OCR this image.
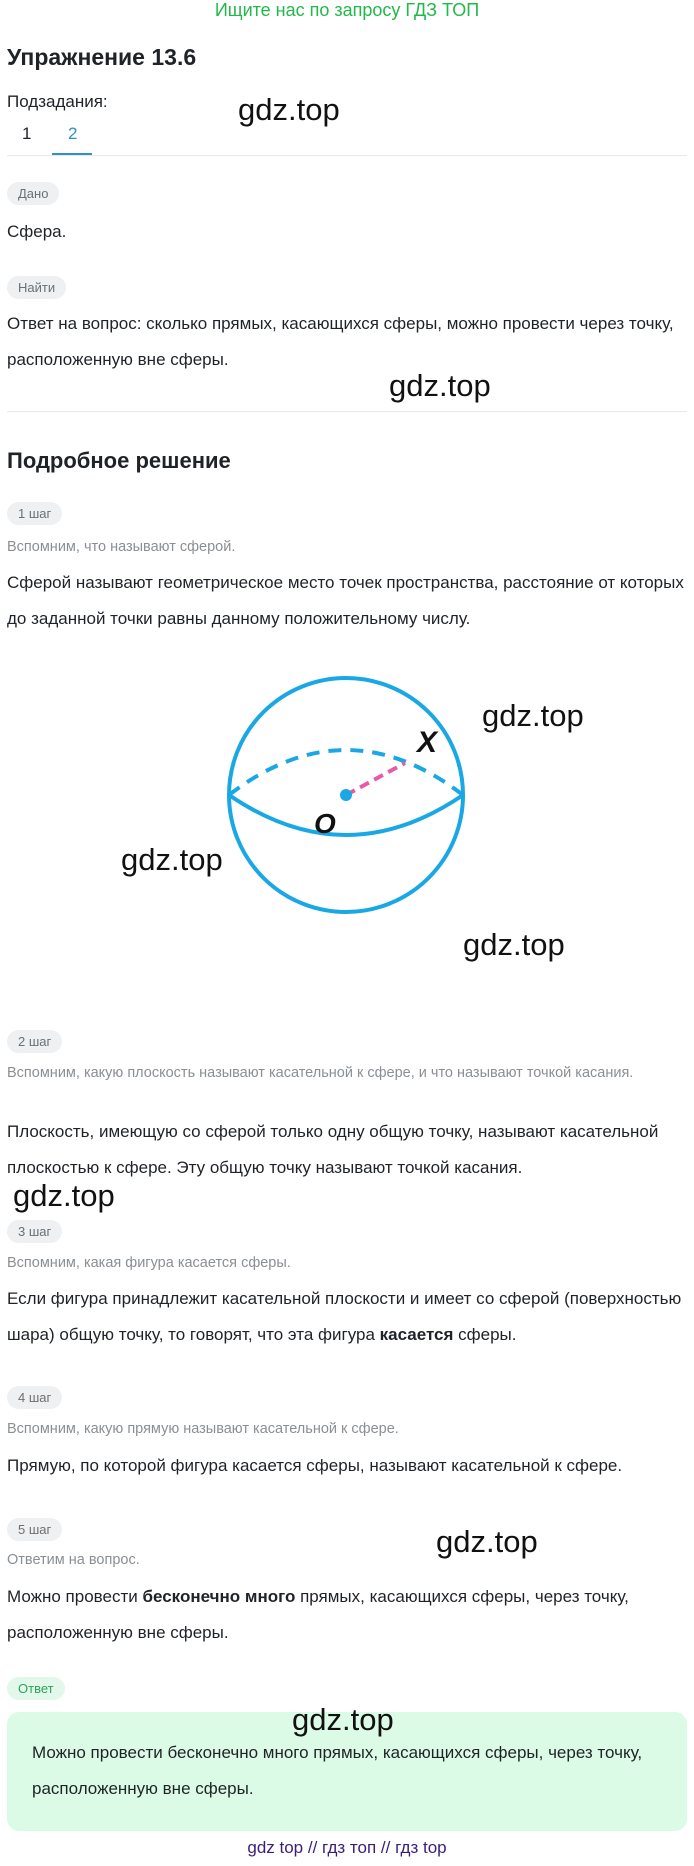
Ищите нас по запросу ГДЗ ТОП
Упражнение 13.6
Подзадания:
1 2
gdz.top
Дано
Сфера.
Найти
Ответ на вопрос: сколько прямых, касающихся сферы, можно провести через точку, расположенную вне сферы.
gdz.top
Подробное решение
1 шаг
Вспомним, что называют сферой.
Сферой называют геометрическое место точек пространства, расстояние от которых до заданной точки равны данному положительному числу.
X
O
gdz.top
gdz.top
gdz.top
2 шаг
Вспомним, какую плоскость называют касательной к сфере, и что называют точкой касания.
Плоскость, имеющую со сферой только одну общую точку, называют касательной плоскостью к сфере. Эту общую точку называют точкой касания.
gdz.top
3 шаг
Вспомним, какая фигура касается сферы.
Если фигура принадлежит касательной плоскости и имеет со сферой (поверхностью шара) общую точку, то говорят, что эта фигура касается сферы.
4 шаг
Вспомним, какую прямую называют касательной к сфере.
Прямую, по которой фигура касается сферы, называют касательной к сфере.
5 шаг
Ответим на вопрос.
Можно провести бесконечно много прямых, касающихся сферы, через точку, расположенную вне сферы.
gdz.top
Ответ
Можно провести бесконечно много прямых, касающихся сферы, через точку, расположенную вне сферы.
gdz.top
gdz top // гдз топ // гдз top
